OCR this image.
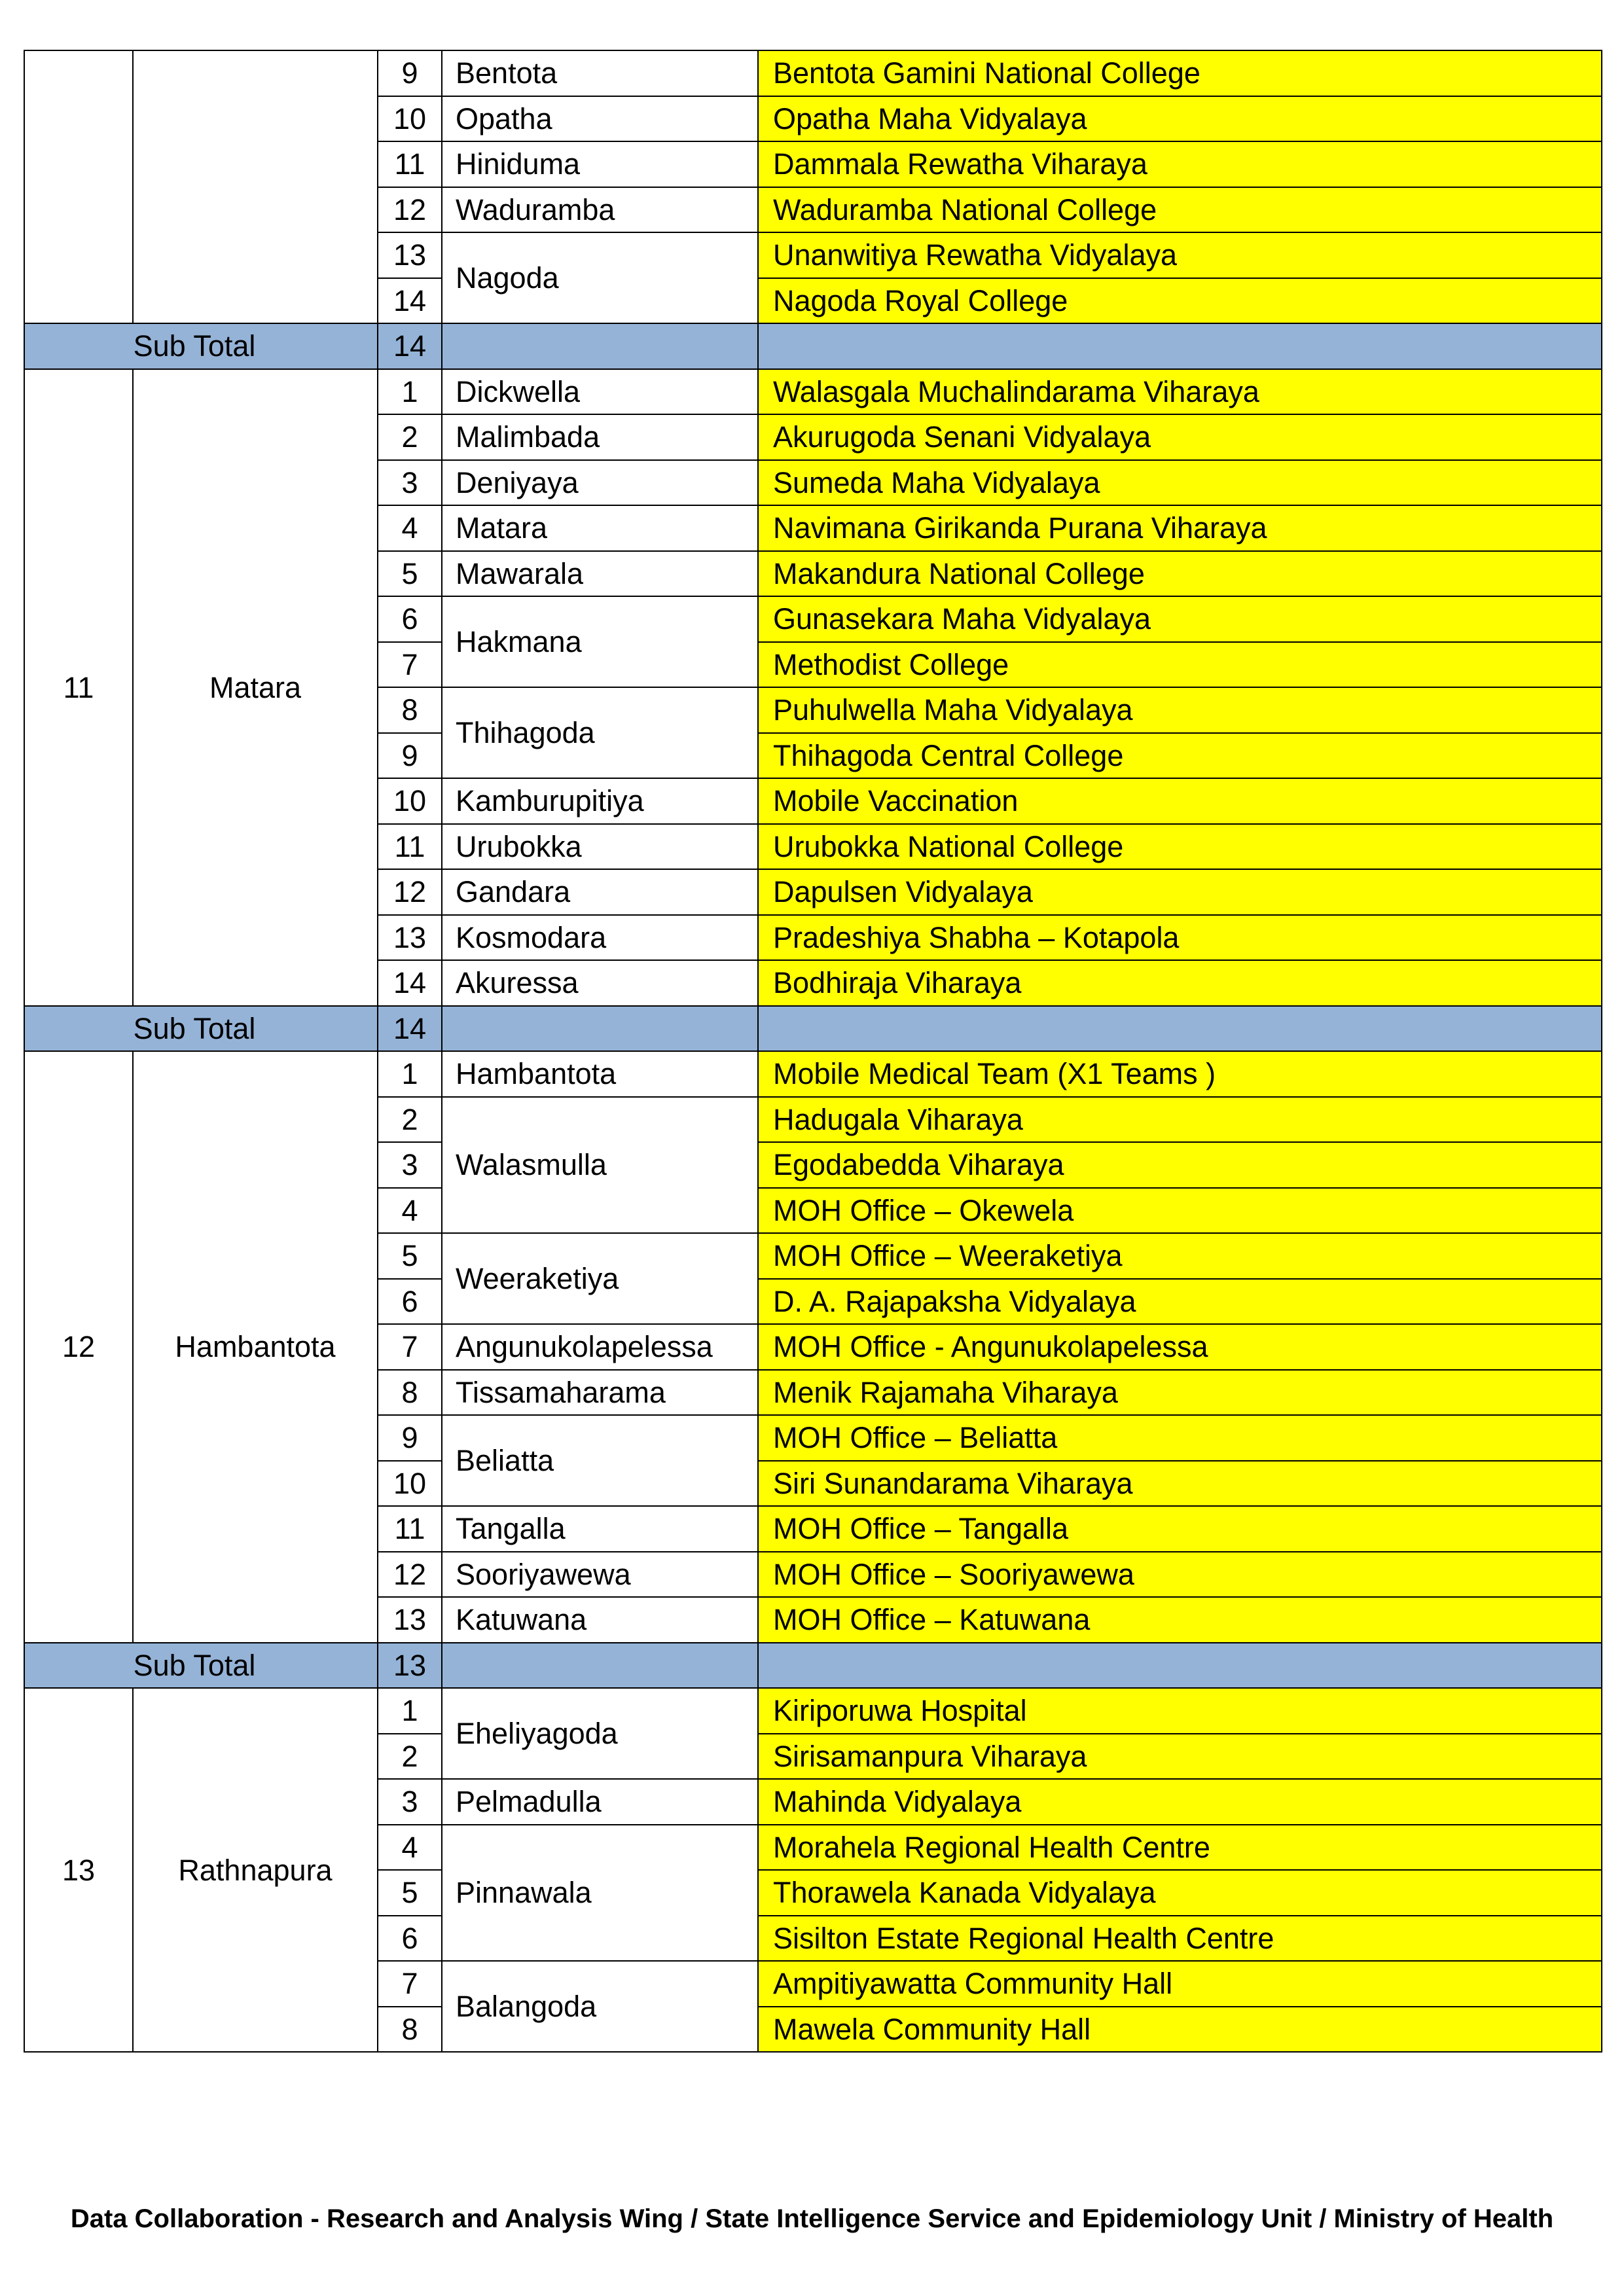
		9	Bentota	Bentota Gamini National College
		10	Opatha	Opatha Maha Vidyalaya
		11	Hiniduma	Dammala Rewatha Viharaya
		12	Waduramba	Waduramba National College
		13	Nagoda	Unanwitiya Rewatha Vidyalaya
		14		Nagoda Royal College
Sub Total		14		
11	Matara	1	Dickwella	Walasgala Muchalindarama Viharaya
		2	Malimbada	Akurugoda Senani Vidyalaya
		3	Deniyaya	Sumeda Maha Vidyalaya
		4	Matara	Navimana Girikanda Purana Viharaya
		5	Mawarala	Makandura National College
		6	Hakmana	Gunasekara Maha Vidyalaya
		7		Methodist College
		8	Thihagoda	Puhulwella Maha Vidyalaya
		9		Thihagoda Central College
		10	Kamburupitiya	Mobile Vaccination
		11	Urubokka	Urubokka National College
		12	Gandara	Dapulsen Vidyalaya
		13	Kosmodara	Pradeshiya Shabha – Kotapola
		14	Akuressa	Bodhiraja Viharaya
Sub Total		14		
12	Hambantota	1	Hambantota	Mobile Medical Team (X1 Teams )
		2	Walasmulla	Hadugala Viharaya
		3		Egodabedda Viharaya
		4		MOH Office – Okewela
		5	Weeraketiya	MOH Office – Weeraketiya
		6		D. A. Rajapaksha Vidyalaya
		7	Angunukolapelessa	MOH Office - Angunukolapelessa
		8	Tissamaharama	Menik Rajamaha Viharaya
		9	Beliatta	MOH Office – Beliatta
		10		Siri Sunandarama Viharaya
		11	Tangalla	MOH Office – Tangalla
		12	Sooriyawewa	MOH Office – Sooriyawewa
		13	Katuwana	MOH Office – Katuwana
Sub Total		13		
13	Rathnapura	1	Eheliyagoda	Kiriporuwa Hospital
		2		Sirisamanpura Viharaya
		3	Pelmadulla	Mahinda Vidyalaya
		4	Pinnawala	Morahela Regional Health Centre
		5		Thorawela Kanada Vidyalaya
		6		Sisilton Estate Regional Health Centre
		7	Balangoda	Ampitiyawatta Community Hall
		8		Mawela Community Hall
Data Collaboration - Research and Analysis Wing / State Intelligence Service and Epidemiology Unit / Ministry of Health
